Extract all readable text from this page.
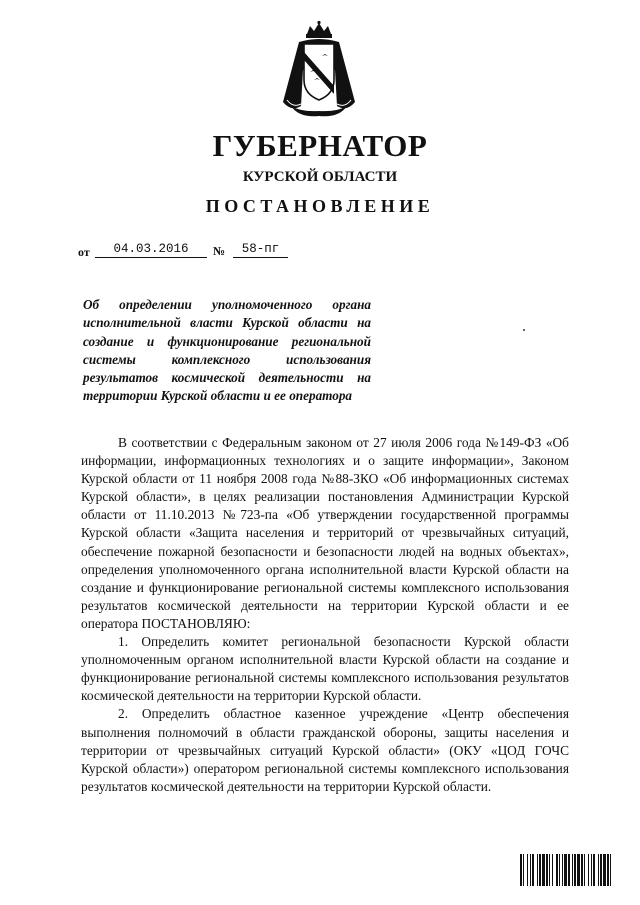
ГУБЕРНАТОР
КУРСКОЙ ОБЛАСТИ
ПОСТАНОВЛЕНИЕ
от	04.03.2016	№	58-пг

Об определении уполномоченного органа исполнительной власти Курской области на создание и функционирование региональной системы комплексного использования результатов космической деятельности на территории Курской области и ее оператора

В соответствии с Федеральным законом от 27 июля 2006 года №149-ФЗ «Об информации, информационных технологиях и о защите информации», Законом Курской области от 11 ноября 2008 года №88-ЗКО «Об информационных системах Курской области», в целях реализации постановления Администрации Курской области от 11.10.2013 №723-па «Об утверждении государственной программы Курской области «Защита населения и территорий от чрезвычайных ситуаций, обеспечение пожарной безопасности и безопасности людей на водных объектах», определения уполномоченного органа исполнительной власти Курской области на создание и функционирование региональной системы комплексного использования результатов космической деятельности на территории Курской области и ее оператора ПОСТАНОВЛЯЮ:

1. Определить комитет региональной безопасности Курской области уполномоченным органом исполнительной власти Курской области на создание и функционирование региональной системы комплексного использования результатов космической деятельности на территории Курской области.

2. Определить областное казенное учреждение «Центр обеспечения выполнения полномочий в области гражданской обороны, защиты населения и территории от чрезвычайных ситуаций Курской области» (ОКУ «ЦОД ГОЧС Курской области») оператором региональной системы комплексного использования результатов космической деятельности на территории Курской области.
